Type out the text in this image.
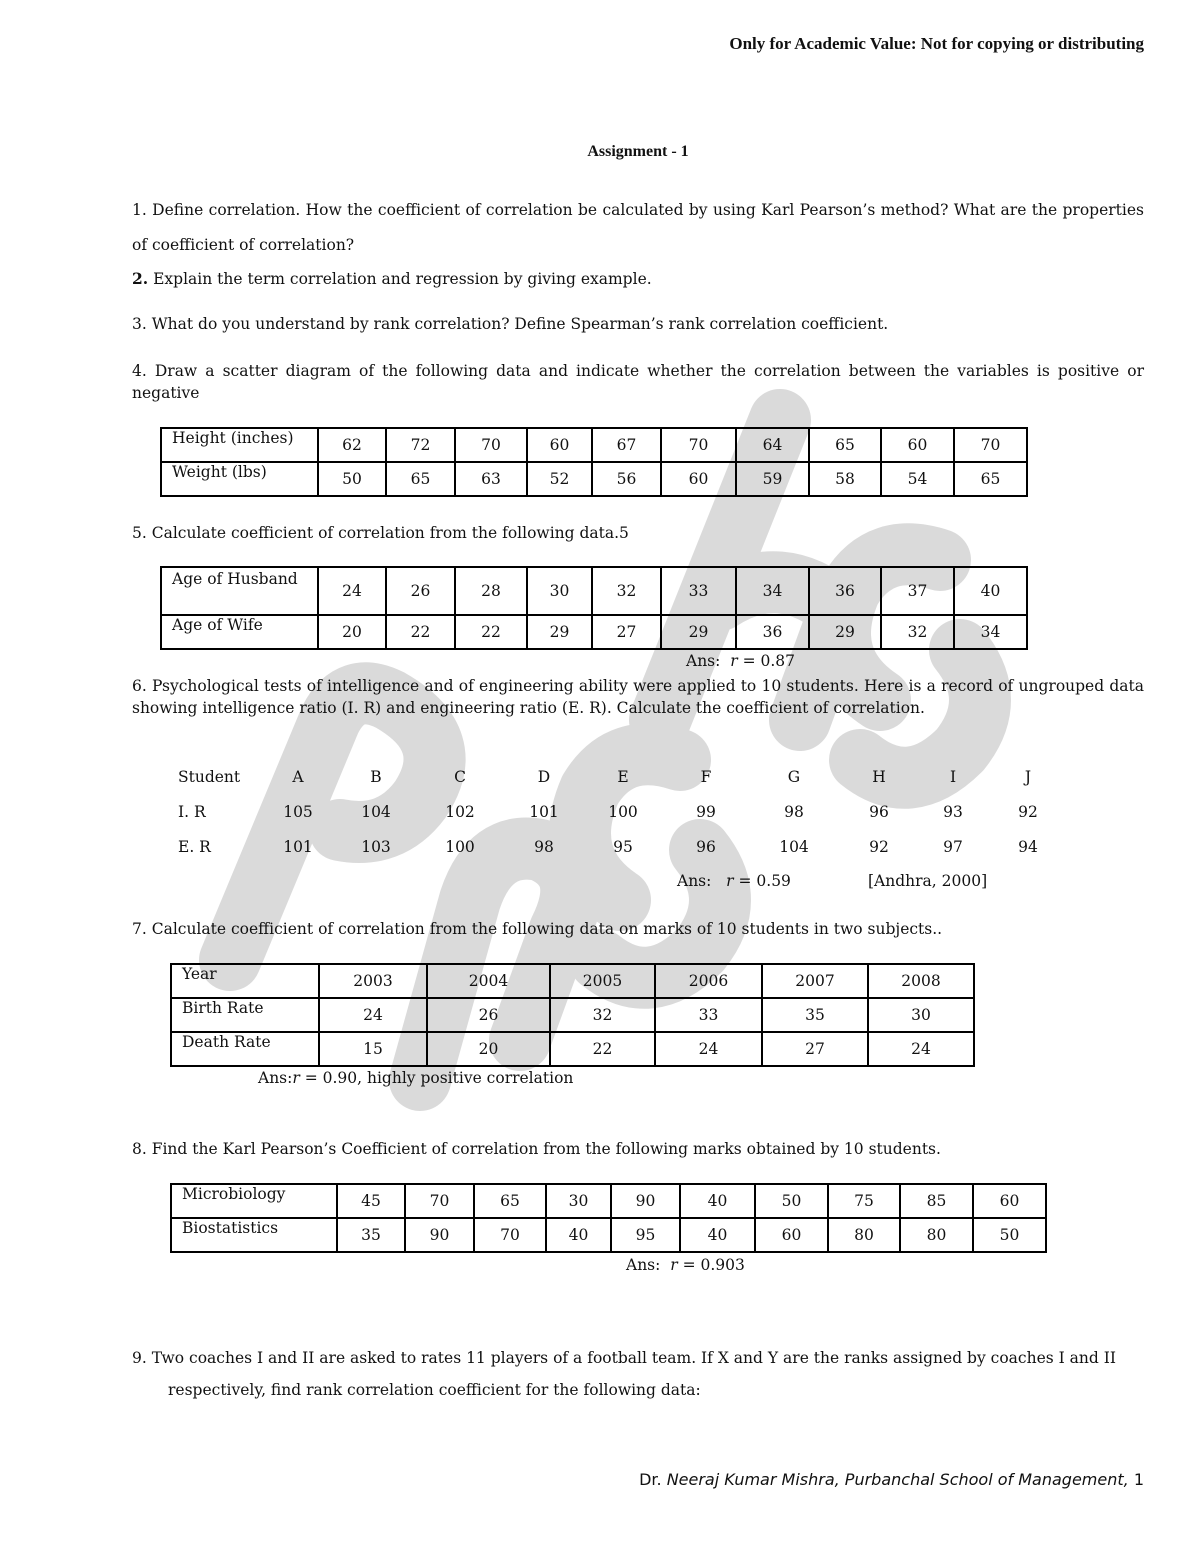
Only for Academic Value: Not for copying or distributing
Assignment - 1
1. Define correlation. How the coefficient of correlation be calculated by using Karl Pearson’s method? What are the properties of coefficient of correlation?
2. Explain the term correlation and regression by giving example.
3. What do you understand by rank correlation? Define Spearman’s rank correlation coefficient.
4. Draw a scatter diagram of the following data and indicate whether the correlation between the variables is positive or negative
Height (inches)	62	72	70	60	67	70	64	65	60	70
Weight (lbs)	50	65	63	52	56	60	59	58	54	65
5. Calculate coefficient of correlation from the following data.5
Age of Husband	24	26	28	30	32	33	34	36	37	40
Age of Wife	20	22	22	29	27	29	36	29	32	34
Ans: r = 0.87
6. Psychological tests of intelligence and of engineering ability were applied to 10 students. Here is a record of ungrouped data showing intelligence ratio (I. R) and engineering ratio (E. R). Calculate the coefficient of correlation.
Student	A	B	C	D	E	F	G	H	I	J
I. R	105	104	102	101	100	99	98	96	93	92
E. R	101	103	100	98	95	96	104	92	97	94
Ans: r = 0.59	[Andhra, 2000]
7. Calculate coefficient of correlation from the following data on marks of 10 students in two subjects..
Year	2003	2004	2005	2006	2007	2008
Birth Rate	24	26	32	33	35	30
Death Rate	15	20	22	24	27	24
Ans:r = 0.90, highly positive correlation
8. Find the Karl Pearson’s Coefficient of correlation from the following marks obtained by 10 students.
Microbiology	45	70	65	30	90	40	50	75	85	60
Biostatistics	35	90	70	40	95	40	60	80	80	50
Ans: r = 0.903
9. Two coaches I and II are asked to rates 11 players of a football team. If X and Y are the ranks assigned by coaches I and II
respectively, find rank correlation coefficient for the following data:
Dr. Neeraj Kumar Mishra, Purbanchal School of Management, 1
